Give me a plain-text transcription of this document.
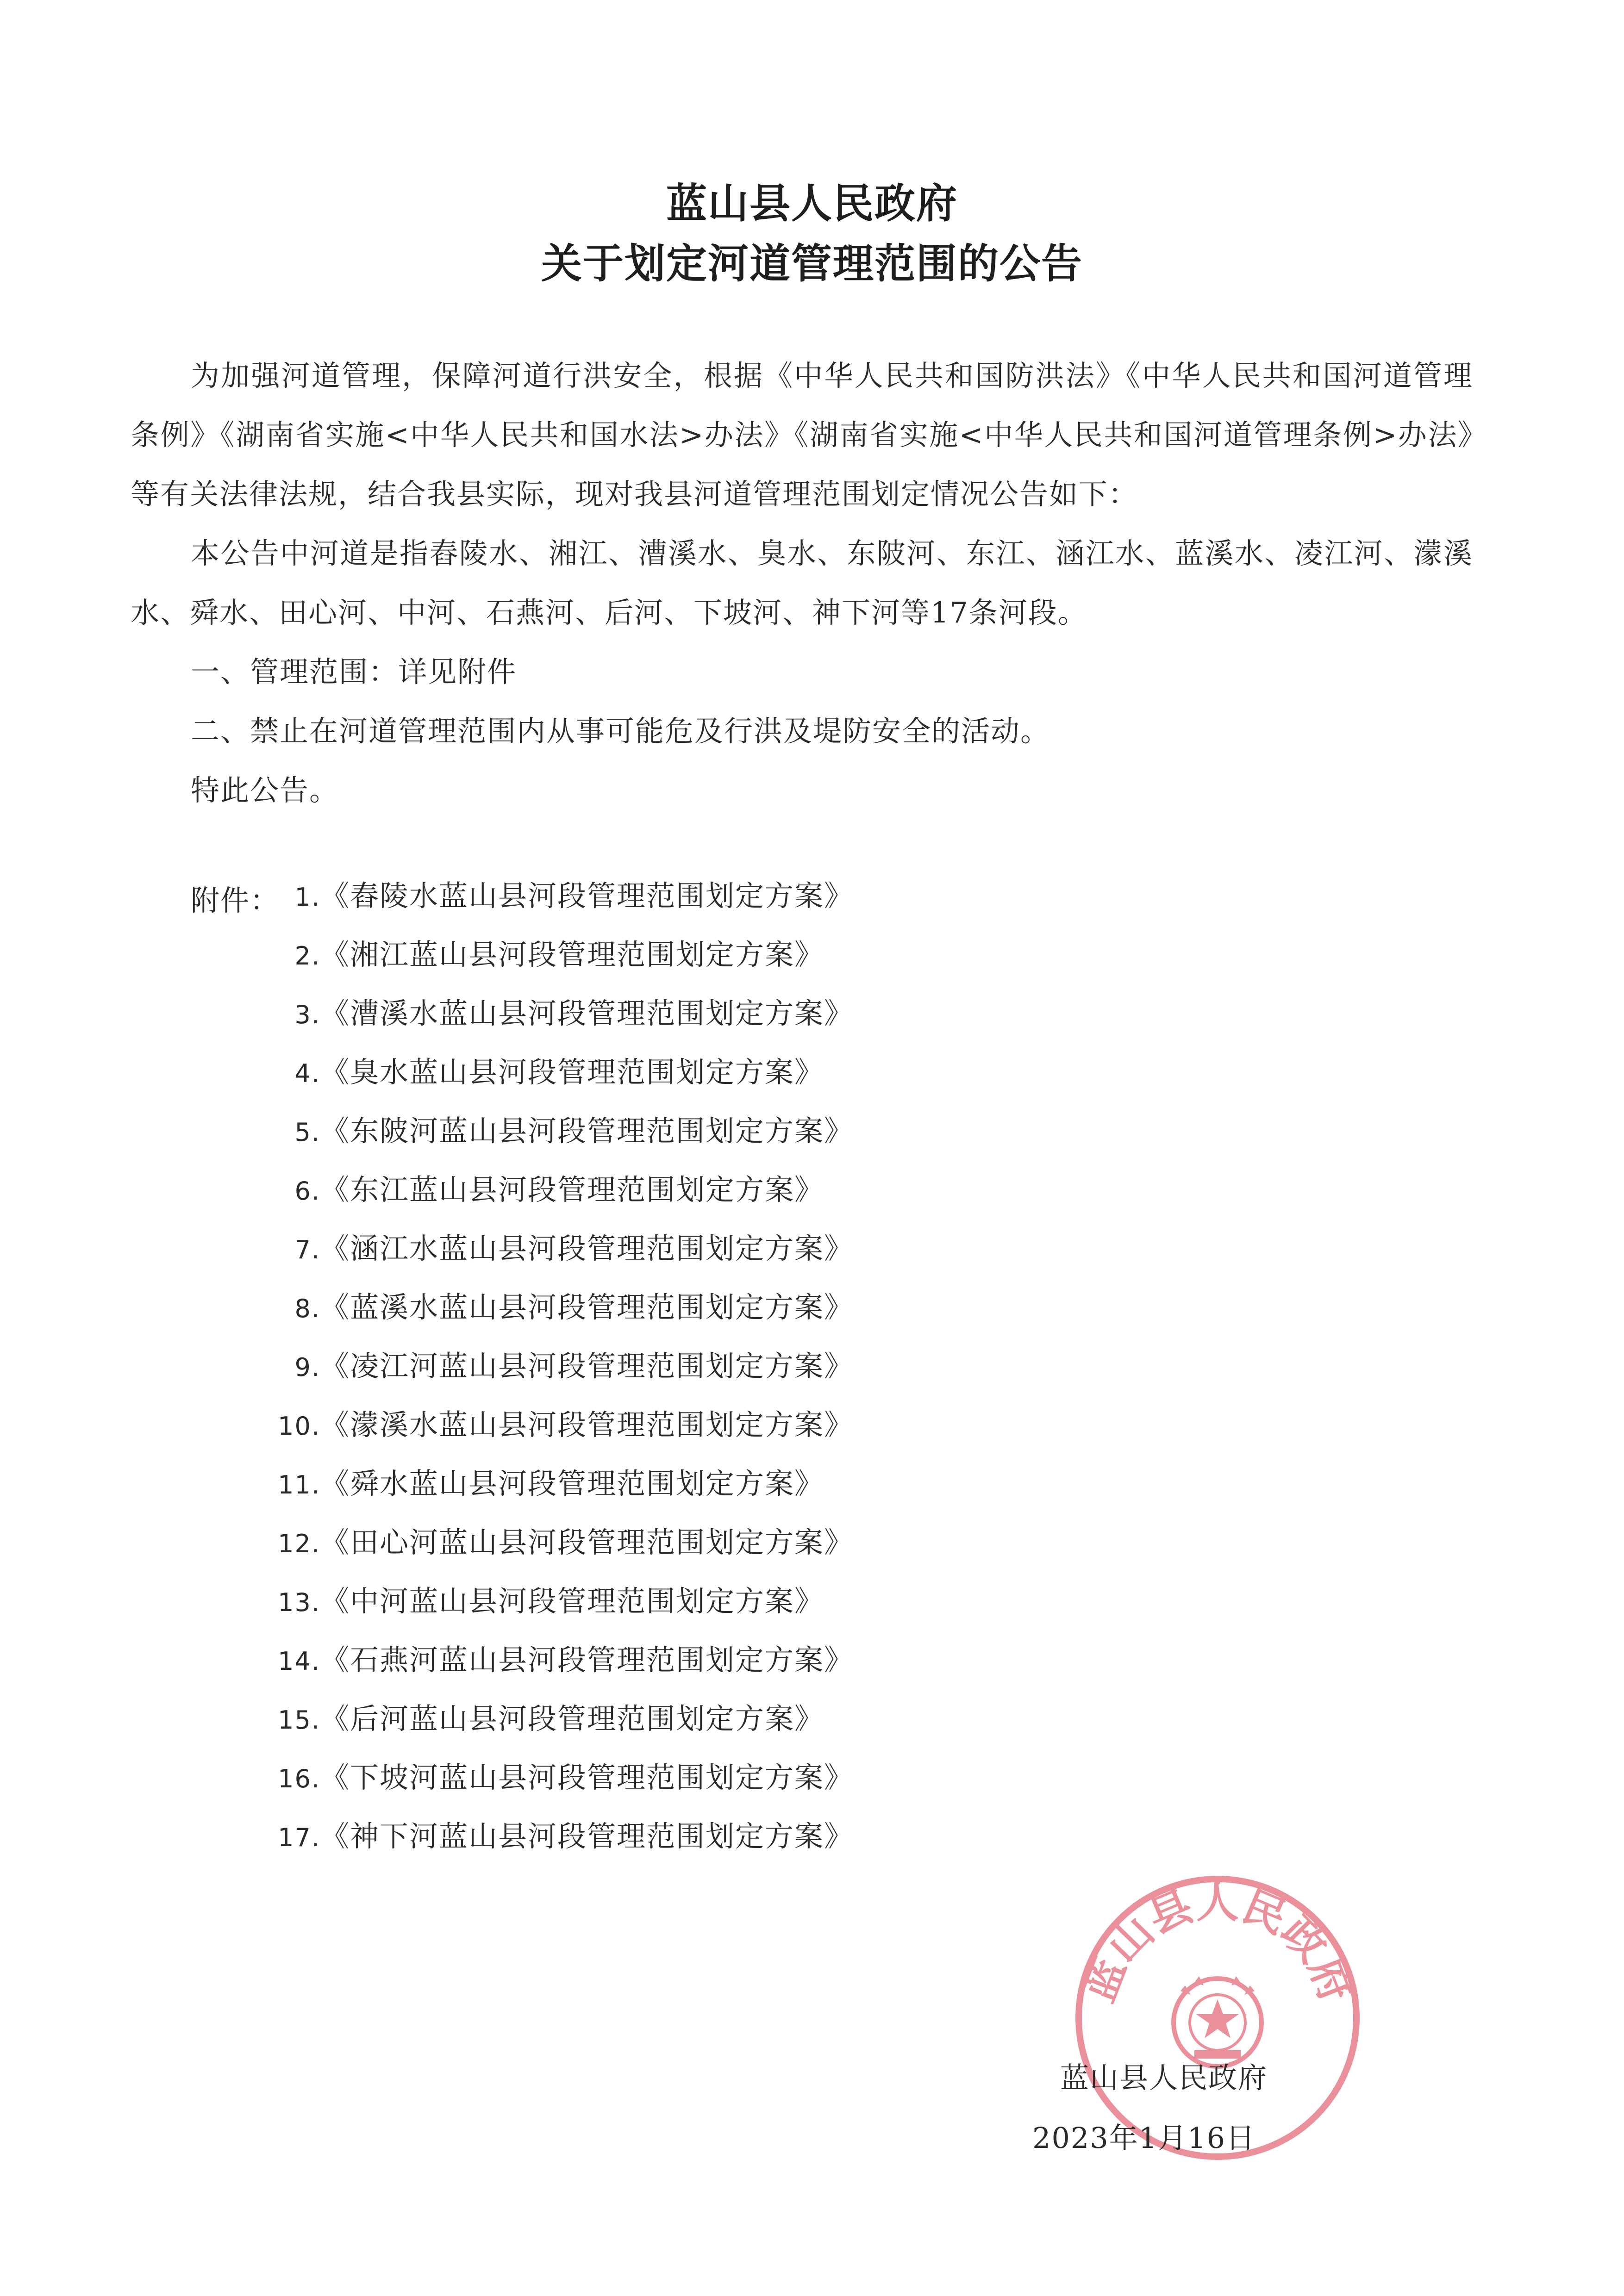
蓝山县人民政府
关于划定河道管理范围的公告

为加强河道管理，保障河道行洪安全，根据《中华人民共和国防洪法》《中华人民共和国河道管理条例》《湖南省实施<中华人民共和国水法>办法》《湖南省实施<中华人民共和国河道管理条例>办法》等有关法律法规，结合我县实际，现对我县河道管理范围划定情况公告如下：

本公告中河道是指舂陵水、湘江、漕溪水、臭水、东陂河、东江、涵江水、蓝溪水、凌江河、濛溪水、舜水、田心河、中河、石燕河、后河、下坡河、神下河等17条河段。

一、管理范围：详见附件

二、禁止在河道管理范围内从事可能危及行洪及堤防安全的活动。

特此公告。

附件： 1.《舂陵水蓝山县河段管理范围划定方案》
2.《湘江蓝山县河段管理范围划定方案》
3.《漕溪水蓝山县河段管理范围划定方案》
4.《臭水蓝山县河段管理范围划定方案》
5.《东陂河蓝山县河段管理范围划定方案》
6.《东江蓝山县河段管理范围划定方案》
7.《涵江水蓝山县河段管理范围划定方案》
8.《蓝溪水蓝山县河段管理范围划定方案》
9.《凌江河蓝山县河段管理范围划定方案》
10.《濛溪水蓝山县河段管理范围划定方案》
11.《舜水蓝山县河段管理范围划定方案》
12.《田心河蓝山县河段管理范围划定方案》
13.《中河蓝山县河段管理范围划定方案》
14.《石燕河蓝山县河段管理范围划定方案》
15.《后河蓝山县河段管理范围划定方案》
16.《下坡河蓝山县河段管理范围划定方案》
17.《神下河蓝山县河段管理范围划定方案》
蓝山县人民政府
蓝山县人民政府
2023年1月16日
